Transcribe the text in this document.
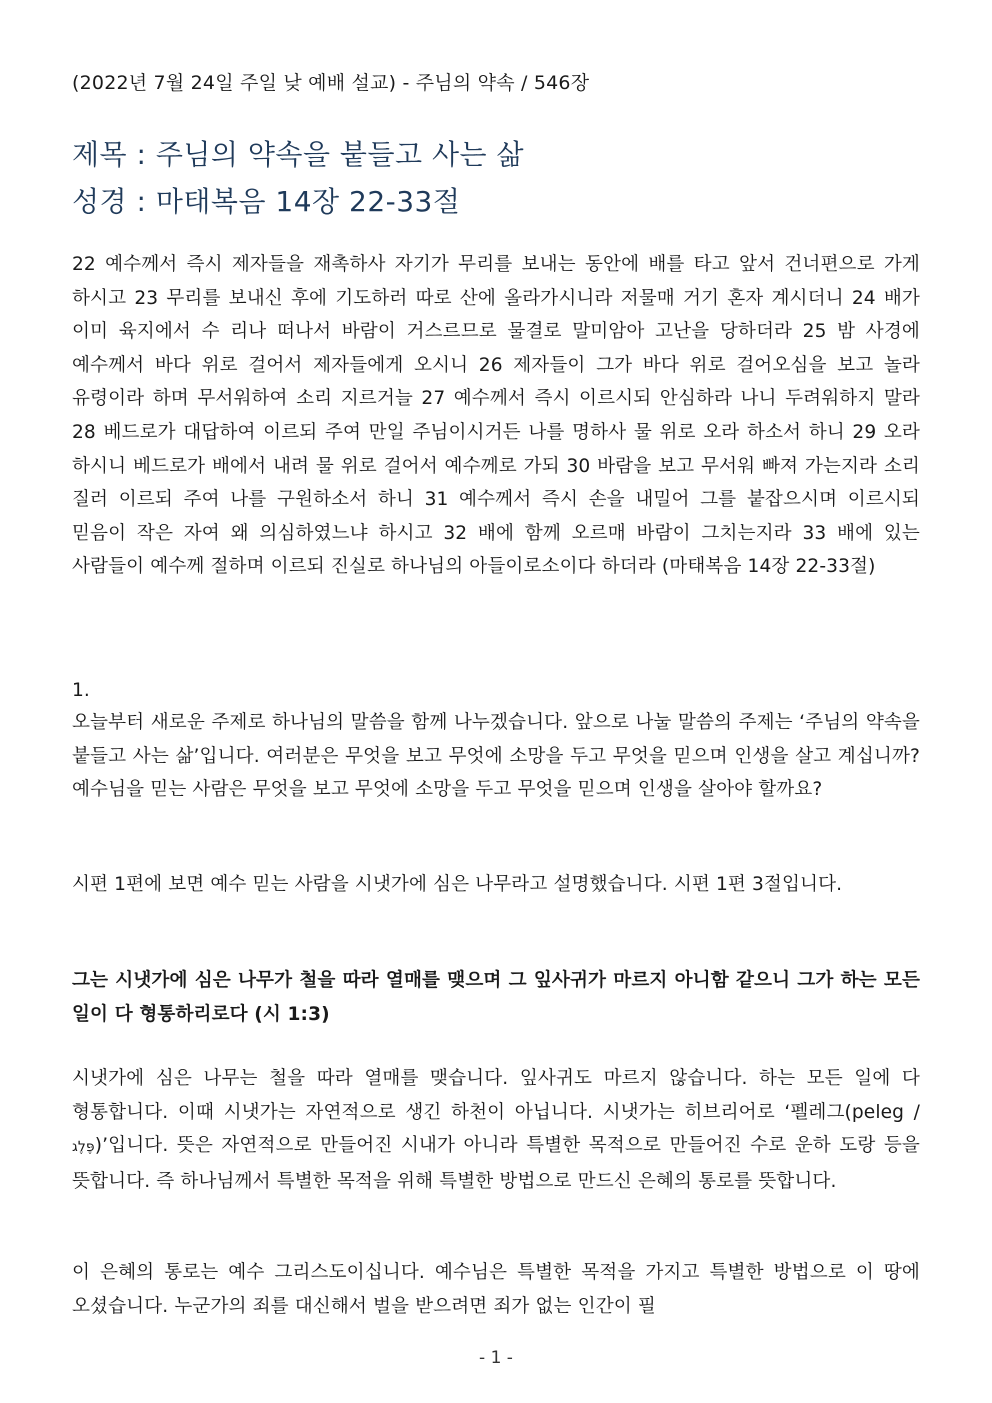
(2022년 7월 24일 주일 낮 예배 설교) - 주님의 약속 / 546장
제목 : 주님의 약속을 붙들고 사는 삶
성경 : 마태복음 14장 22-33절
22 예수께서 즉시 제자들을 재촉하사 자기가 무리를 보내는 동안에 배를 타고 앞서 건너편으로 가게 하시고 23 무리를 보내신 후에 기도하러 따로 산에 올라가시니라 저물매 거기 혼자 계시더니 24 배가 이미 육지에서 수 리나 떠나서 바람이 거스르므로 물결로 말미암아 고난을 당하더라 25 밤 사경에 예수께서 바다 위로 걸어서 제자들에게 오시니 26 제자들이 그가 바다 위로 걸어오심을 보고 놀라 유령이라 하며 무서워하여 소리 지르거늘 27 예수께서 즉시 이르시되 안심하라 나니 두려워하지 말라 28 베드로가 대답하여 이르되 주여 만일 주님이시거든 나를 명하사 물 위로 오라 하소서 하니 29 오라 하시니 베드로가 배에서 내려 물 위로 걸어서 예수께로 가되 30 바람을 보고 무서워 빠져 가는지라 소리 질러 이르되 주여 나를 구원하소서 하니 31 예수께서 즉시 손을 내밀어 그를 붙잡으시며 이르시되 믿음이 작은 자여 왜 의심하였느냐 하시고 32 배에 함께 오르매 바람이 그치는지라 33 배에 있는 사람들이 예수께 절하며 이르되 진실로 하나님의 아들이로소이다 하더라 (마태복음 14장 22-33절)
1.
오늘부터 새로운 주제로 하나님의 말씀을 함께 나누겠습니다. 앞으로 나눌 말씀의 주제는 ‘주님의 약속을 붙들고 사는 삶’입니다. 여러분은 무엇을 보고 무엇에 소망을 두고 무엇을 믿으며 인생을 살고 계십니까? 예수님을 믿는 사람은 무엇을 보고 무엇에 소망을 두고 무엇을 믿으며 인생을 살아야 할까요?
시편 1편에 보면 예수 믿는 사람을 시냇가에 심은 나무라고 설명했습니다. 시편 1편 3절입니다.
그는 시냇가에 심은 나무가 철을 따라 열매를 맺으며 그 잎사귀가 마르지 아니함 같으니 그가 하는 모든 일이 다 형통하리로다 (시 1:3)
시냇가에 심은 나무는 철을 따라 열매를 맺습니다. 잎사귀도 마르지 않습니다. 하는 모든 일에 다 형통합니다. 이때 시냇가는 자연적으로 생긴 하천이 아닙니다. 시냇가는 히브리어로 ‘펠레그(peleg / פֶּלֶג)’입니다. 뜻은 자연적으로 만들어진 시내가 아니라 특별한 목적으로 만들어진 수로 운하 도랑 등을 뜻합니다. 즉 하나님께서 특별한 목적을 위해 특별한 방법으로 만드신 은혜의 통로를 뜻합니다.
이 은혜의 통로는 예수 그리스도이십니다. 예수님은 특별한 목적을 가지고 특별한 방법으로 이 땅에 오셨습니다. 누군가의 죄를 대신해서 벌을 받으려면 죄가 없는 인간이 필
- 1 -
